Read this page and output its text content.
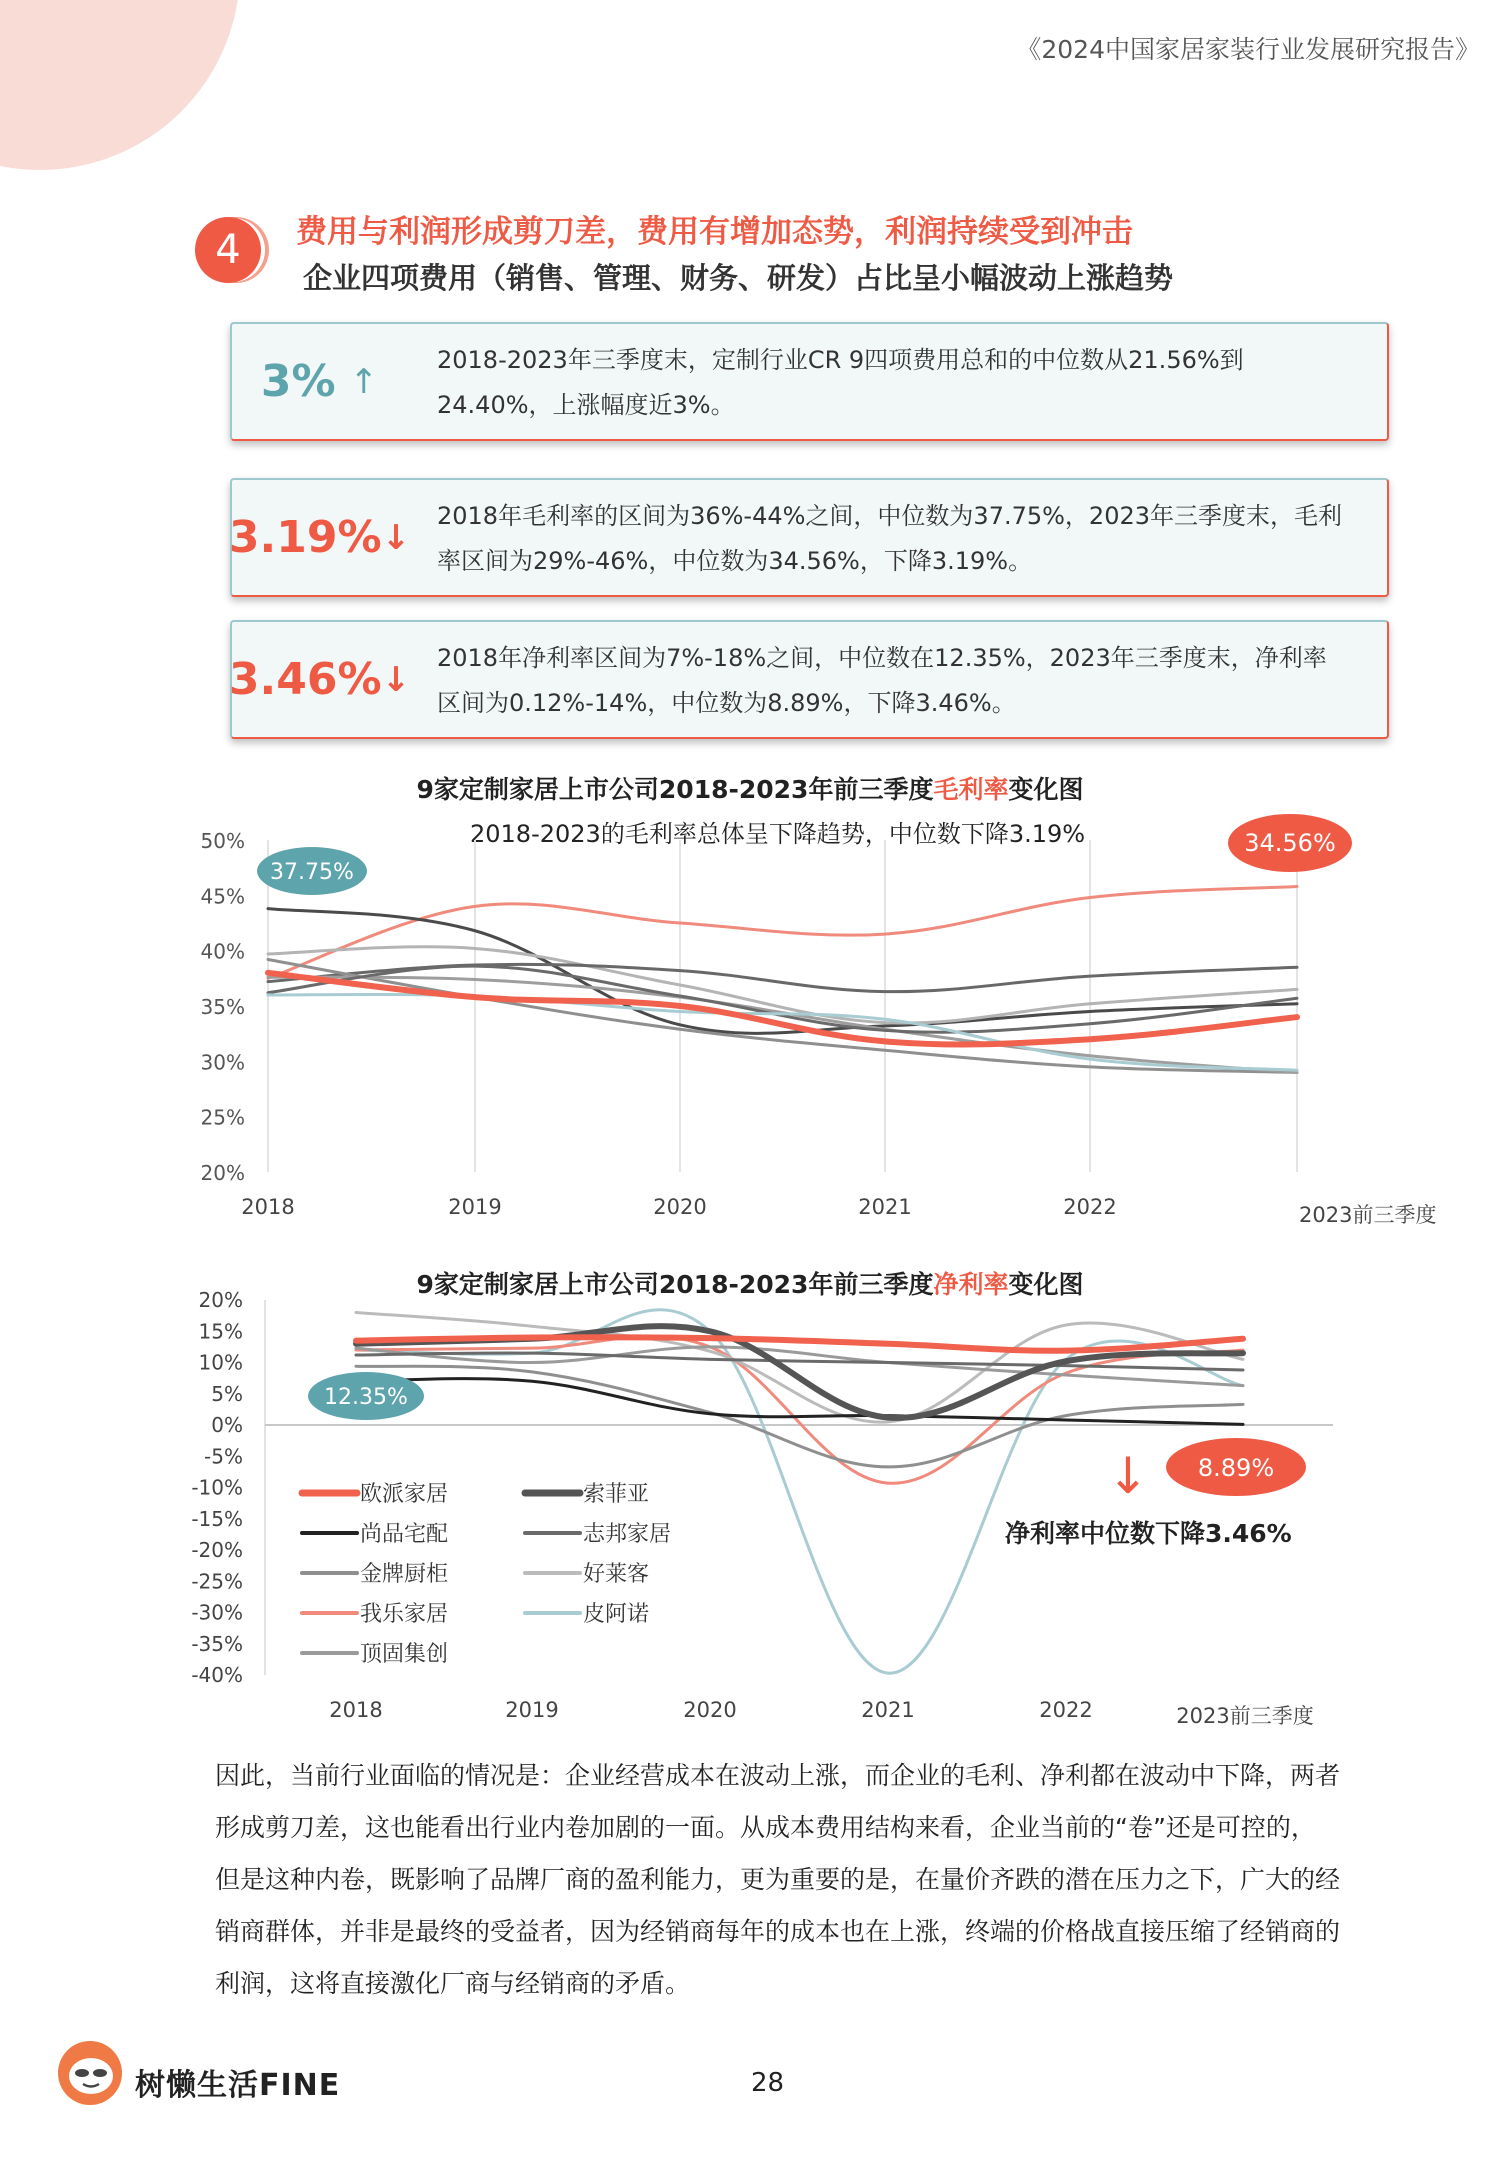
《2024中国家居家装行业发展研究报告》
4	费用与利润形成剪刀差，费用有增加态势，利润持续受到冲击
企业四项费用（销售、管理、财务、研发）占比呈小幅波动上涨趋势
3% ↑
2018-2023年三季度末，定制行业CR 9四项费用总和的中位数从21.56%到
24.40%，上涨幅度近3%。
3.19% ↓
2018年毛利率的区间为36%-44%之间，中位数为37.75%，2023年三季度末，毛利
率区间为29%-46%，中位数为34.56%，下降3.19%。
3.46% ↓
2018年净利率区间为7%-18%之间，中位数在12.35%，2023年三季度末，净利率
区间为0.12%-14%，中位数为8.89%，下降3.46%。
9家定制家居上市公司2018-2023年前三季度毛利率变化图
2018-2023的毛利率总体呈下降趋势，中位数下降3.19%
50%
45%
40%
35%
30%
25%
20%
2018	2019	2020	2021	2022	2023前三季度
37.75%
34.56%
9家定制家居上市公司2018-2023年前三季度净利率变化图
20%
15%
10%
5%
0%
-5%
-10%
-15%
-20%
-25%
-30%
-35%
-40%
2018	2019	2020	2021	2022	2023前三季度
欧派家居	索菲亚
尚品宅配	志邦家居
金牌厨柜	好莱客
我乐家居	皮阿诺
顶固集创
12.35%
8.89%
↓
净利率中位数下降3.46%
因此，当前行业面临的情况是：企业经营成本在波动上涨，而企业的毛利、净利都在波动中下降，两者
形成剪刀差，这也能看出行业内卷加剧的一面。从成本费用结构来看，企业当前的“卷”还是可控的，
但是这种内卷，既影响了品牌厂商的盈利能力，更为重要的是，在量价齐跌的潜在压力之下，广大的经
销商群体，并非是最终的受益者，因为经销商每年的成本也在上涨，终端的价格战直接压缩了经销商的
利润，这将直接激化厂商与经销商的矛盾。
树懒生活FINE	28
